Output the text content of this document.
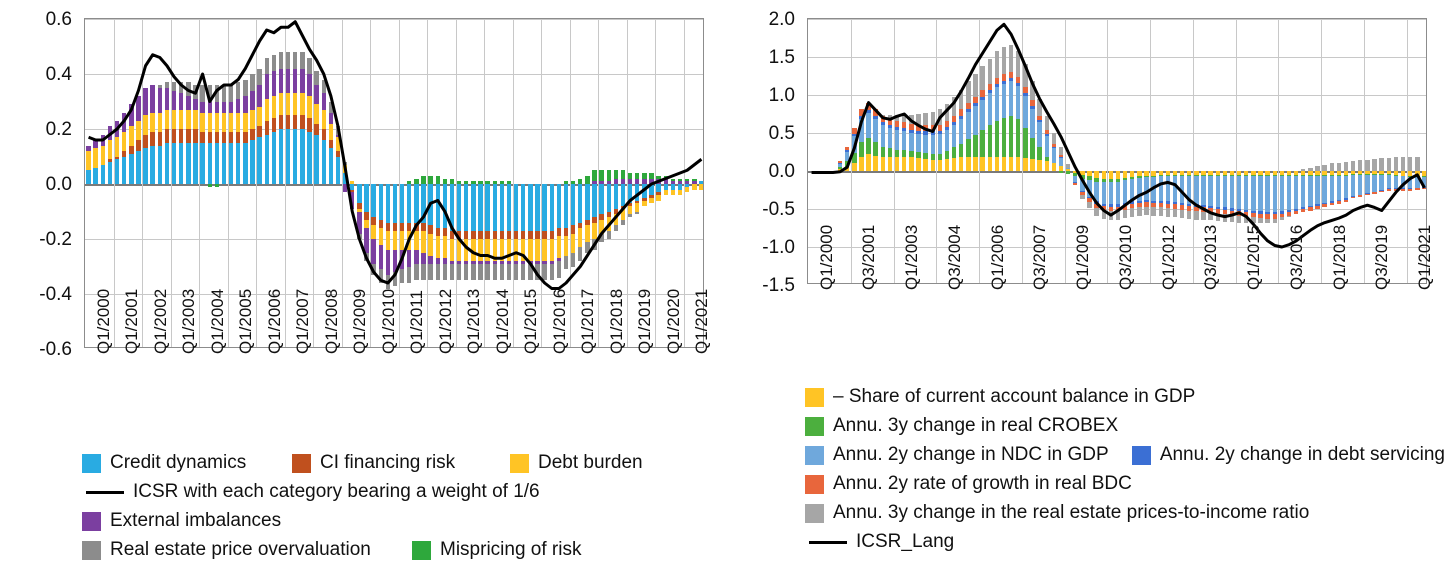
0.6
0.4
0.2
0.0
-0.2
-0.4
-0.6 Q1/2000 Q1/2001 Q1/2002 Q1/2003 Q1/2004 Q1/2005 Q1/2006 Q1/2007 Q1/2008 Q1/2009 Q1/2010 Q1/2011 Q1/2012 Q1/2013 Q1/2014 Q1/2015 Q1/2016 Q1/2017 Q1/2018 Q1/2019 Q1/2020 Q1/2021
Credit dynamics	CI financing risk	Debt burden
ICSR with each category bearing a weight of 1/6
External imbalances
Real estate price overvaluation	Mispricing of risk
2.0
1.5
1.0
0.5
0.0
-0.5
-1.0
-1.5 Q1/2000 Q3/2001 Q1/2003 Q3/2004 Q1/2006 Q3/2007 Q1/2009 Q3/2010 Q1/2012 Q3/2013 Q1/2015 Q3/2016 Q1/2018 Q3/2019 Q1/2021
– Share of current account balance in GDP
Annu. 3y change in real CROBEX
Annu. 2y change in NDC in GDP	Annu. 2y change in debt servicing
Annu. 2y rate of growth in real BDC
Annu. 3y change in the real estate prices-to-income ratio
ICSR_Lang
